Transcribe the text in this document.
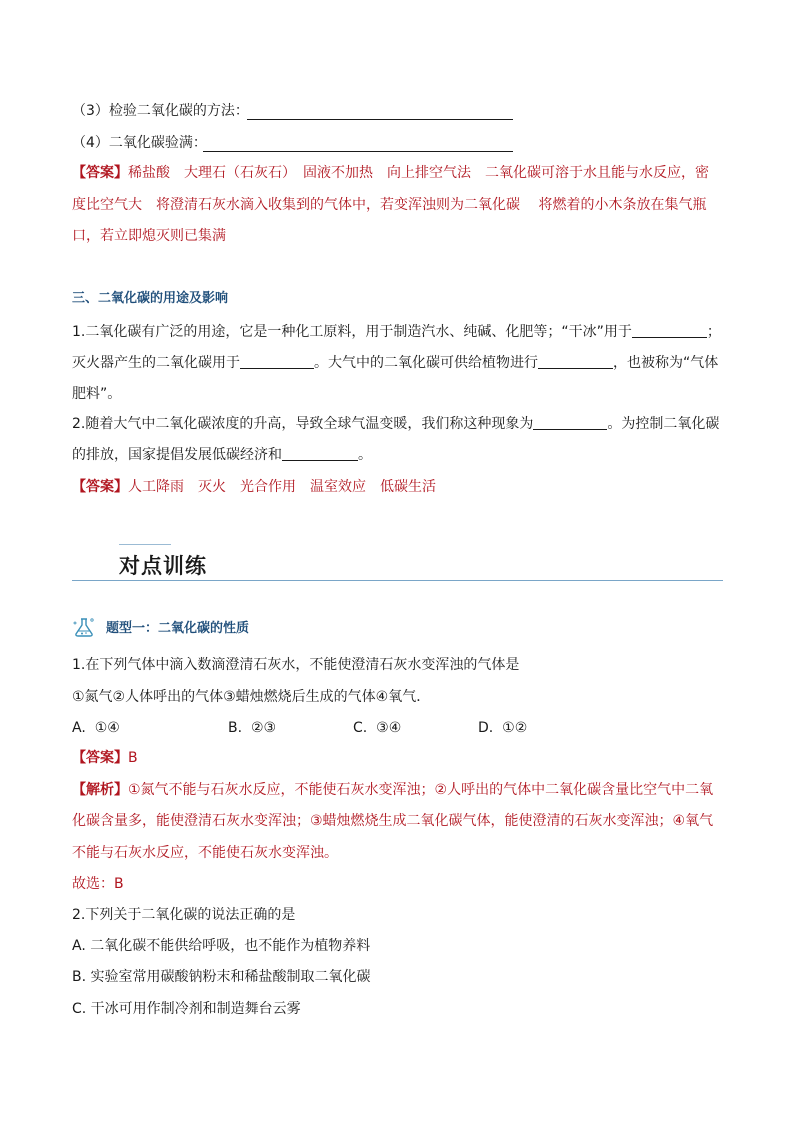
（3）检验二氧化碳的方法：
（4）二氧化碳验满：
【答案】稀盐酸　大理石（石灰石）　固液不加热　向上排空气法　二氧化碳可溶于水且能与水反应，密
度比空气大　将澄清石灰水滴入收集到的气体中，若变浑浊则为二氧化碳　 将燃着的小木条放在集气瓶
口，若立即熄灭则已集满
三、二氧化碳的用途及影响
1.二氧化碳有广泛的用途，它是一种化工原料，用于制造汽水、纯碱、化肥等；“干冰”用于	；
灭火器产生的二氧化碳用于	。大气中的二氧化碳可供给植物进行	，也被称为“气体
肥料”。
2.随着大气中二氧化碳浓度的升高，导致全球气温变暖，我们称这种现象为	。为控制二氧化碳
的排放，国家提倡发展低碳经济和	。
【答案】人工降雨　灭火　光合作用　温室效应　低碳生活
对点训练
题型一：二氧化碳的性质
1.在下列气体中滴入数滴澄清石灰水，不能使澄清石灰水变浑浊的气体是
①氮气②人体呼出的气体③蜡烛燃烧后生成的气体④氧气．
A. ①④	B. ②③	C. ③④	D. ①②
【答案】B
【解析】①氮气不能与石灰水反应，不能使石灰水变浑浊；②人呼出的气体中二氧化碳含量比空气中二氧
化碳含量多，能使澄清石灰水变浑浊；③蜡烛燃烧生成二氧化碳气体，能使澄清的石灰水变浑浊；④氧气
不能与石灰水反应，不能使石灰水变浑浊。
故选：B
2.下列关于二氧化碳的说法正确的是
A. 二氧化碳不能供给呼吸，也不能作为植物养料
B. 实验室常用碳酸钠粉末和稀盐酸制取二氧化碳
C. 干冰可用作制冷剂和制造舞台云雾
